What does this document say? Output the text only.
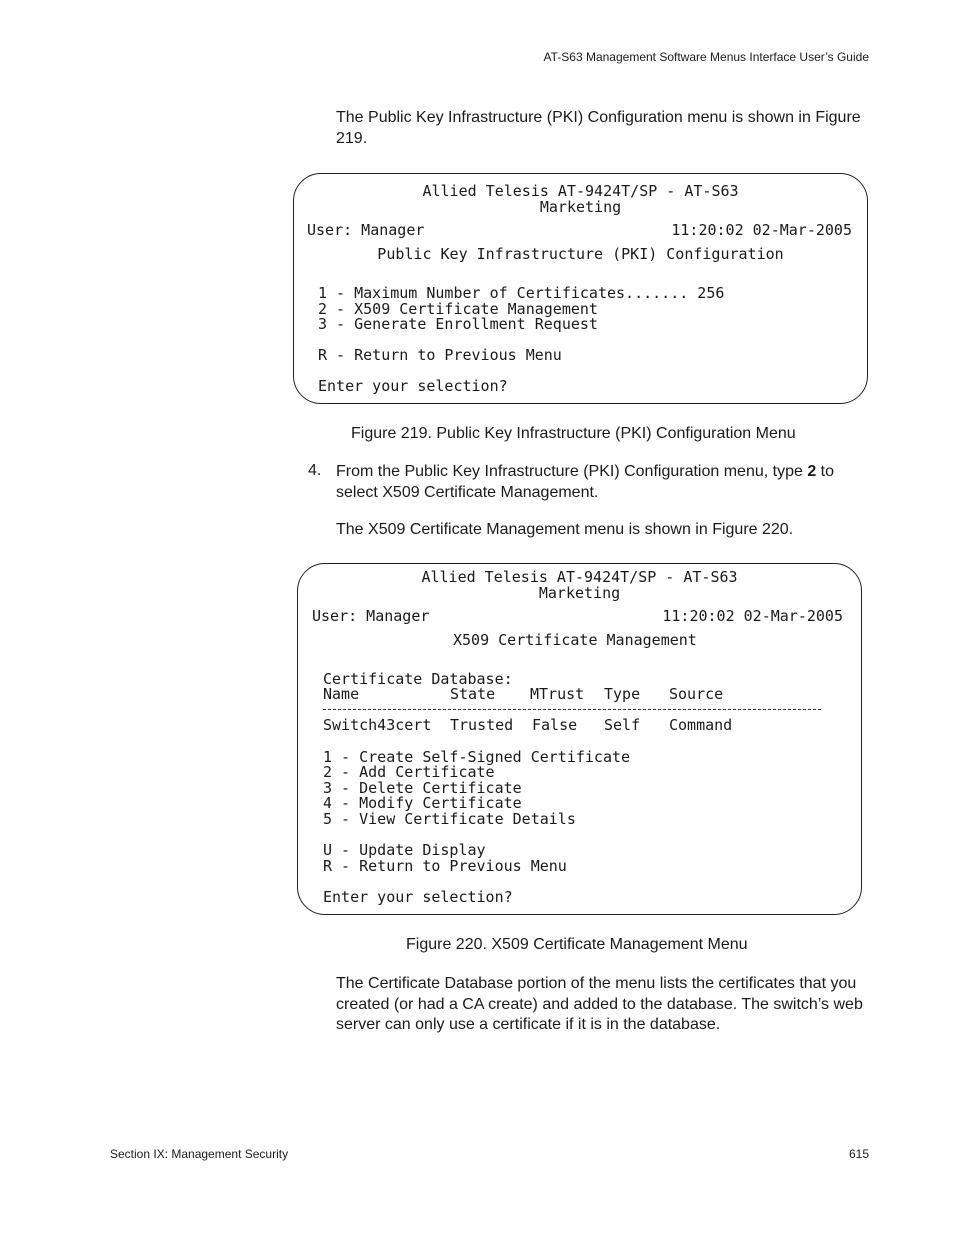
AT-S63 Management Software Menus Interface User’s Guide
The Public Key Infrastructure (PKI) Configuration menu is shown in Figure 219.
Allied Telesis AT-9424T/SP - AT-S63
Marketing
User: Manager	11:20:02 02-Mar-2005
Public Key Infrastructure (PKI) Configuration
1 - Maximum Number of Certificates....... 256
2 - X509 Certificate Management
3 - Generate Enrollment Request
R - Return to Previous Menu
Enter your selection?
Figure 219. Public Key Infrastructure (PKI) Configuration Menu
4. From the Public Key Infrastructure (PKI) Configuration menu, type 2 to select X509 Certificate Management.
The X509 Certificate Management menu is shown in Figure 220.
Allied Telesis AT-9424T/SP - AT-S63
Marketing
User: Manager	11:20:02 02-Mar-2005
X509 Certificate Management
Certificate Database:
Name	State MTrust Type Source
Switch43cert Trusted False Self Command
1 - Create Self-Signed Certificate
2 - Add Certificate
3 - Delete Certificate
4 - Modify Certificate
5 - View Certificate Details
U - Update Display
R - Return to Previous Menu
Enter your selection?
Figure 220. X509 Certificate Management Menu
The Certificate Database portion of the menu lists the certificates that you created (or had a CA create) and added to the database. The switch’s web server can only use a certificate if it is in the database.
Section IX: Management Security	615
